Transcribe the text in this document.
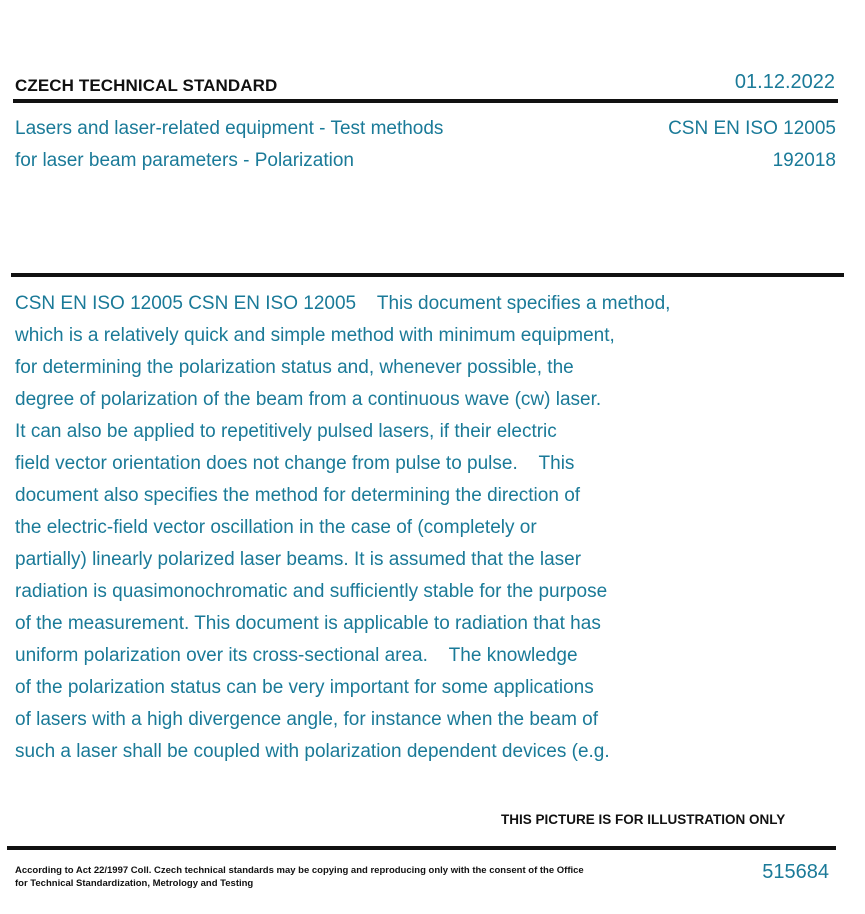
CZECH TECHNICAL STANDARD	01.12.2022
Lasers and laser-related equipment - Test methods
for laser beam parameters - Polarization
CSN EN ISO 12005
192018
CSN EN ISO 12005 CSN EN ISO 12005    This document specifies a method,
which is a relatively quick and simple method with minimum equipment,
for determining the polarization status and, whenever possible, the
degree of polarization of the beam from a continuous wave (cw) laser.
It can also be applied to repetitively pulsed lasers, if their electric
field vector orientation does not change from pulse to pulse.    This
document also specifies the method for determining the direction of
the electric-field vector oscillation in the case of (completely or
partially) linearly polarized laser beams. It is assumed that the laser
radiation is quasimonochromatic and sufficiently stable for the purpose
of the measurement. This document is applicable to radiation that has
uniform polarization over its cross-sectional area.    The knowledge
of the polarization status can be very important for some applications
of lasers with a high divergence angle, for instance when the beam of
such a laser shall be coupled with polarization dependent devices (e.g.
THIS PICTURE IS FOR ILLUSTRATION ONLY
According to Act 22/1997 Coll. Czech technical standards may be copying and reproducing only with the consent of the Office
for Technical Standardization, Metrology and Testing
515684
